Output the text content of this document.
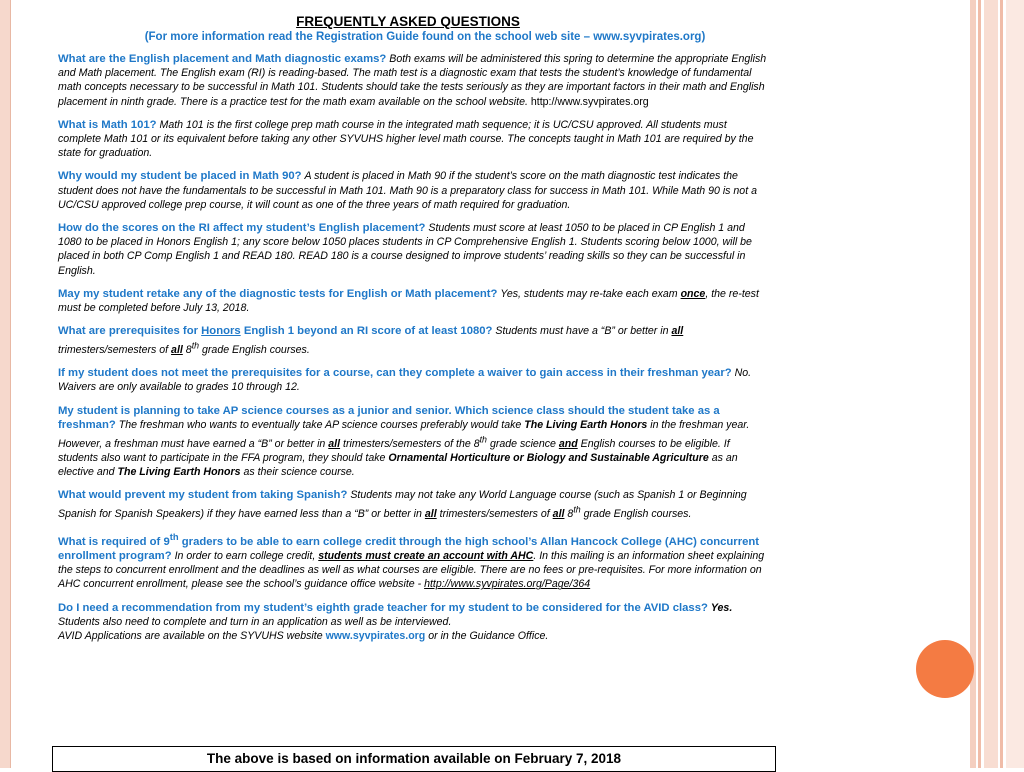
FREQUENTLY ASKED QUESTIONS
(For more information read the Registration Guide found on the school web site – www.syvpirates.org)
What are the English placement and Math diagnostic exams? Both exams will be administered this spring to determine the appropriate English and Math placement. The English exam (RI) is reading-based. The math test is a diagnostic exam that tests the student’s knowledge of fundamental math concepts necessary to be successful in Math 101. Students should take the tests seriously as they are important factors in their math and English placement in ninth grade. There is a practice test for the math exam available on the school website. http://www.syvpirates.org
What is Math 101? Math 101 is the first college prep math course in the integrated math sequence; it is UC/CSU approved. All students must complete Math 101 or its equivalent before taking any other SYVUHS higher level math course. The concepts taught in Math 101 are required by the state for graduation.
Why would my student be placed in Math 90? A student is placed in Math 90 if the student’s score on the math diagnostic test indicates the student does not have the fundamentals to be successful in Math 101. Math 90 is a preparatory class for success in Math 101. While Math 90 is not a UC/CSU approved college prep course, it will count as one of the three years of math required for graduation.
How do the scores on the RI affect my student’s English placement? Students must score at least 1050 to be placed in CP English 1 and 1080 to be placed in Honors English 1; any score below 1050 places students in CP Comprehensive English 1. Students scoring below 1000, will be placed in both CP Comp English 1 and READ 180. READ 180 is a course designed to improve students’ reading skills so they can be successful in English.
May my student retake any of the diagnostic tests for English or Math placement? Yes, students may re-take each exam once, the re-test must be completed before July 13, 2018.
What are prerequisites for Honors English 1 beyond an RI score of at least 1080? Students must have a “B” or better in all trimesters/semesters of all 8th grade English courses.
If my student does not meet the prerequisites for a course, can they complete a waiver to gain access in their freshman year? No. Waivers are only available to grades 10 through 12.
My student is planning to take AP science courses as a junior and senior. Which science class should the student take as a freshman? The freshman who wants to eventually take AP science courses preferably would take The Living Earth Honors in the freshman year. However, a freshman must have earned a “B” or better in all trimesters/semesters of the 8th grade science and English courses to be eligible. If students also want to participate in the FFA program, they should take Ornamental Horticulture or Biology and Sustainable Agriculture as an elective and The Living Earth Honors as their science course.
What would prevent my student from taking Spanish? Students may not take any World Language course (such as Spanish 1 or Beginning Spanish for Spanish Speakers) if they have earned less than a “B” or better in all trimesters/semesters of all 8th grade English courses.
What is required of 9th graders to be able to earn college credit through the high school’s Allan Hancock College (AHC) concurrent enrollment program? In order to earn college credit, students must create an account with AHC. In this mailing is an information sheet explaining the steps to concurrent enrollment and the deadlines as well as what courses are eligible. There are no fees or pre-requisites. For more information on AHC concurrent enrollment, please see the school’s guidance office website - http://www.syvpirates.org/Page/364
Do I need a recommendation from my student’s eighth grade teacher for my student to be considered for the AVID class? Yes. Students also need to complete and turn in an application as well as be interviewed.
AVID Applications are available on the SYVUHS website www.syvpirates.org or in the Guidance Office.
The above is based on information available on February 7, 2018
